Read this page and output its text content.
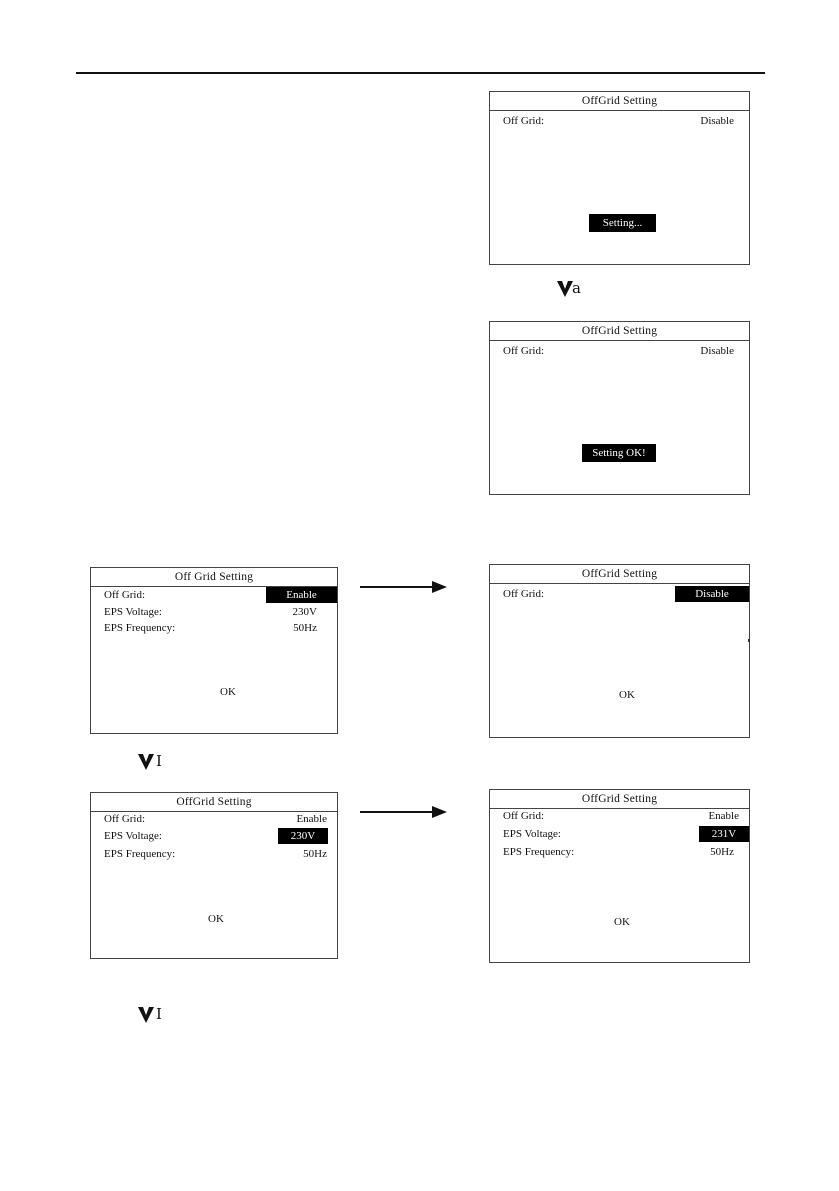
OffGrid Setting
Off Grid:	Disable
Setting...
a
OffGrid Setting
Off Grid:	Disable
Setting OK!
Off Grid Setting
Off Grid:	Enable
EPS Voltage:	230V
EPS Frequency:	50Hz
OK
OffGrid Setting
Off Grid:	Disable
OK
I
OffGrid Setting
Off Grid:	Enable
EPS Voltage:	230V
EPS Frequency:	50Hz
OK
OffGrid Setting
Off Grid:	Enable
EPS Voltage:	231V
EPS Frequency:	50Hz
OK
I
